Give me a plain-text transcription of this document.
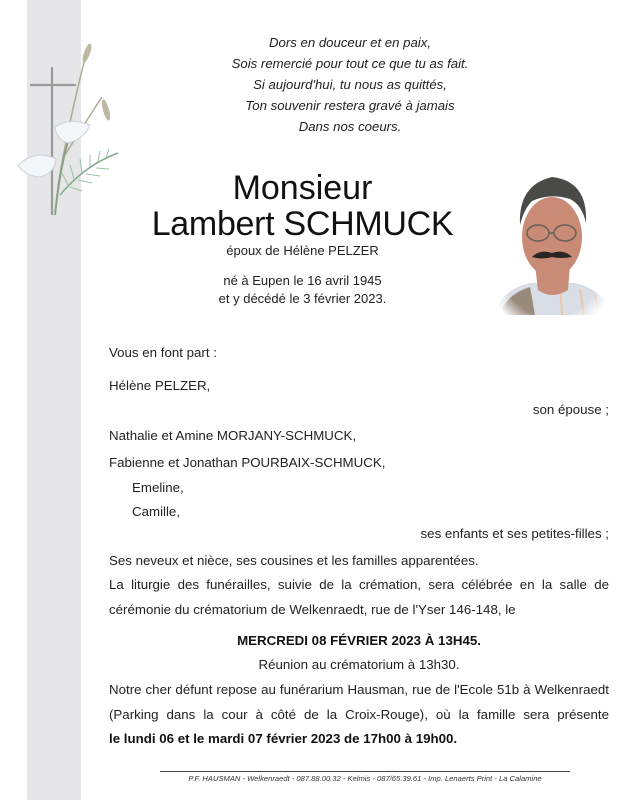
Dors en douceur et en paix,
Sois remercié pour tout ce que tu as fait.
Si aujourd'hui, tu nous as quittés,
Ton souvenir restera gravé à jamais
Dans nos coeurs.
Monsieur
Lambert SCHMUCK
époux de Hélène PELZER
né à Eupen le 16 avril 1945
et y décédé le 3 février 2023.
Vous en font part :
Hélène PELZER,
son épouse ;
Nathalie et Amine MORJANY-SCHMUCK,
Fabienne et Jonathan POURBAIX-SCHMUCK,
Emeline,
Camille,
ses enfants et ses petites-filles ;
Ses neveux et nièce, ses cousines et les familles apparentées.
La liturgie des funérailles, suivie de la crémation, sera célébrée en la salle de
cérémonie du crématorium de Welkenraedt, rue de l'Yser 146-148, le
MERCREDI 08 FÉVRIER 2023 À 13H45.
Réunion au crématorium à 13h30.
Notre cher défunt repose au funérarium Hausman, rue de l'Ecole 51b à Welkenraedt
(Parking dans la cour à côté de la Croix-Rouge), où la famille sera présente
le lundi 06 et le mardi 07 février 2023 de 17h00 à 19h00.
P.F. HAUSMAN - Welkenraedt - 087.88.00.32 - Kelmis - 087/65.39.61 - Imp. Lenaerts Print - La Calamine
